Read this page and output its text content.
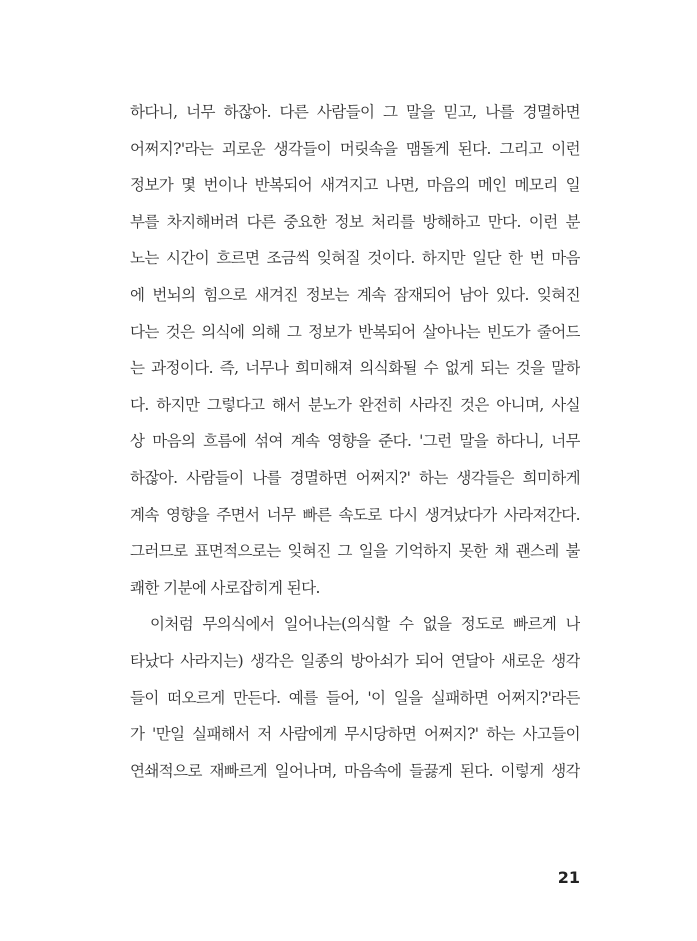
하다니, 너무 하잖아. 다른 사람들이 그 말을 믿고, 나를 경멸하면
어쩌지?'라는 괴로운 생각들이 머릿속을 맴돌게 된다. 그리고 이런
정보가 몇 번이나 반복되어 새겨지고 나면, 마음의 메인 메모리 일
부를 차지해버려 다른 중요한 정보 처리를 방해하고 만다. 이런 분
노는 시간이 흐르면 조금씩 잊혀질 것이다. 하지만 일단 한 번 마음
에 번뇌의 힘으로 새겨진 정보는 계속 잠재되어 남아 있다. 잊혀진
다는 것은 의식에 의해 그 정보가 반복되어 살아나는 빈도가 줄어드
는 과정이다. 즉, 너무나 희미해져 의식화될 수 없게 되는 것을 말하
다. 하지만 그렇다고 해서 분노가 완전히 사라진 것은 아니며, 사실
상 마음의 흐름에 섞여 계속 영향을 준다. '그런 말을 하다니, 너무
하잖아. 사람들이 나를 경멸하면 어쩌지?' 하는 생각들은 희미하게
계속 영향을 주면서 너무 빠른 속도로 다시 생겨났다가 사라져간다.
그러므로 표면적으로는 잊혀진 그 일을 기억하지 못한 채 괜스레 불
쾌한 기분에 사로잡히게 된다.
이처럼 무의식에서 일어나는(의식할 수 없을 정도로 빠르게 나
타났다 사라지는) 생각은 일종의 방아쇠가 되어 연달아 새로운 생각
들이 떠오르게 만든다. 예를 들어, '이 일을 실패하면 어쩌지?'라든
가 '만일 실패해서 저 사람에게 무시당하면 어쩌지?' 하는 사고들이
연쇄적으로 재빠르게 일어나며, 마음속에 들끓게 된다. 이렇게 생각
21
